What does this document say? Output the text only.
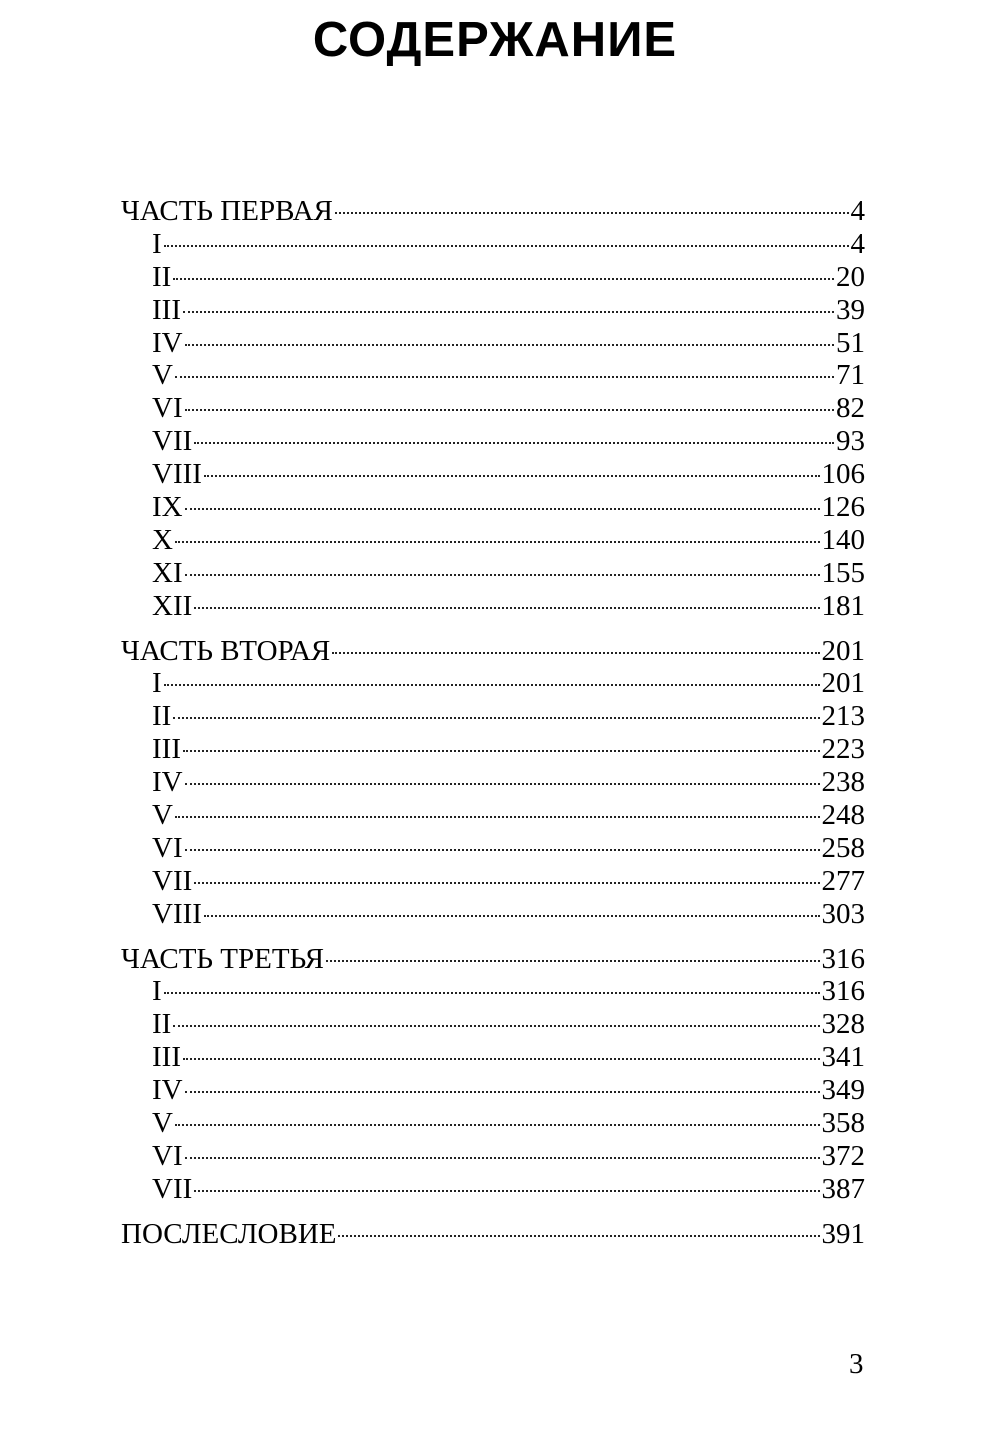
СОДЕРЖАНИЕ
ЧАСТЬ ПЕРВАЯ	4
I	4
II	20
III	39
IV	51
V	71
VI	82
VII	93
VIII	106
IX	126
X	140
XI	155
XII	181
ЧАСТЬ ВТОРАЯ	201
I	201
II	213
III	223
IV	238
V	248
VI	258
VII	277
VIII	303
ЧАСТЬ ТРЕТЬЯ	316
I	316
II	328
III	341
IV	349
V	358
VI	372
VII	387
ПОСЛЕСЛОВИЕ	391
3
